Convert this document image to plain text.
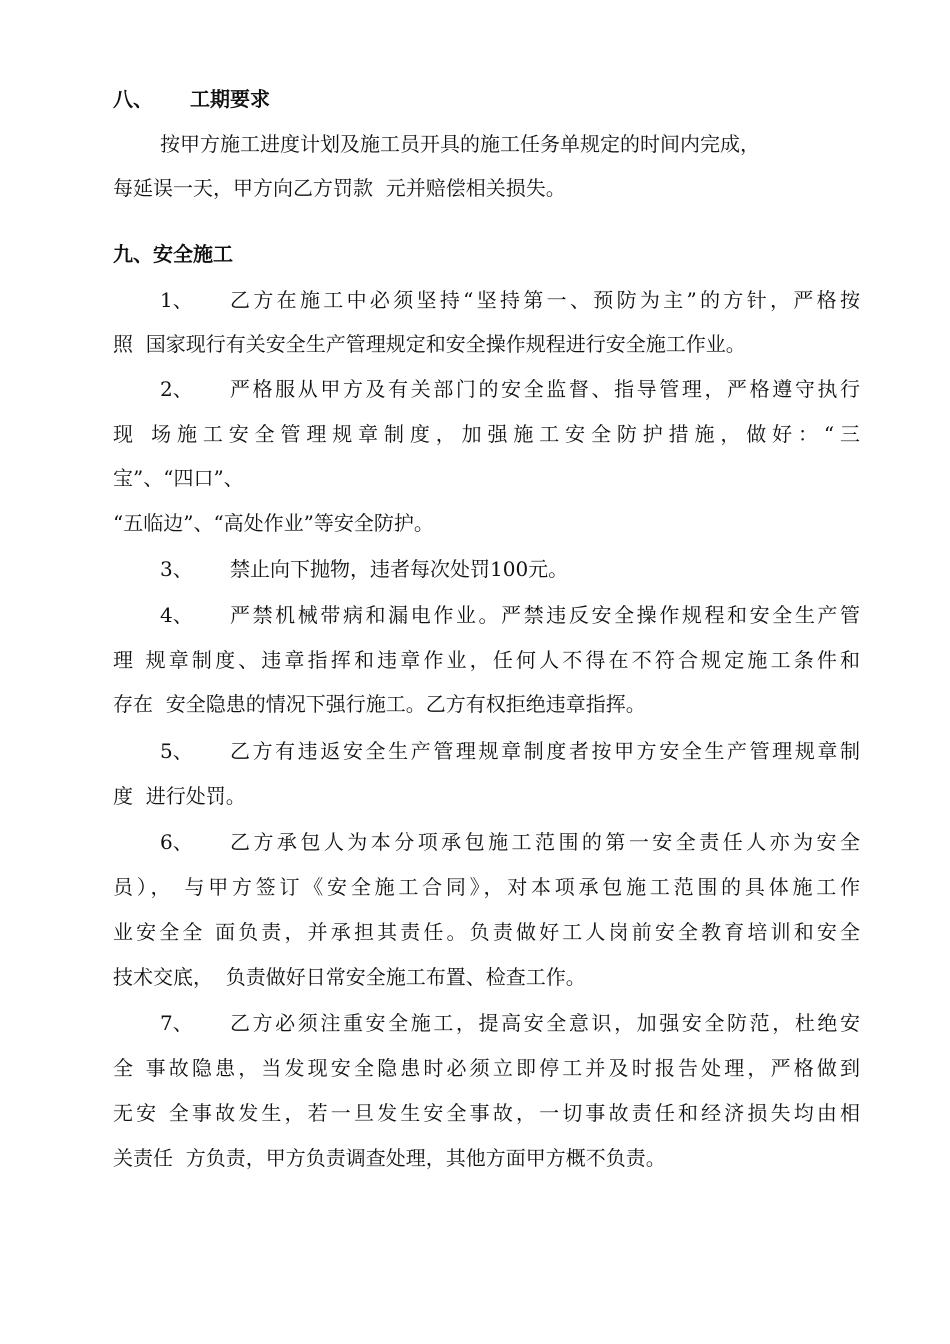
八、 工期要求
按甲方施工进度计划及施工员开具的施工任务单规定的时间内完成，
每延误一天，甲方向乙方罚款  元并赔偿相关损失。
九、安全施工
1、 乙方在施工中必须坚持“坚持第一、预防为主”的方针，严格按
照  国家现行有关安全生产管理规定和安全操作规程进行安全施工作业。
2、 严格服从甲方及有关部门的安全监督、指导管理，严格遵守执行
现 场施工安全管理规章制度，加强施工安全防护措施，做好：“三
宝”、“四口”、
“五临边”、“高处作业”等安全防护。
3、 禁止向下抛物，违者每次处罚100元。
4、 严禁机械带病和漏电作业。严禁违反安全操作规程和安全生产管
理 规章制度、违章指挥和违章作业，任何人不得在不符合规定施工条件和
存在  安全隐患的情况下强行施工。乙方有权拒绝违章指挥。
5、 乙方有违返安全生产管理规章制度者按甲方安全生产管理规章制
度  进行处罚。
6、 乙方承包人为本分项承包施工范围的第一安全责任人亦为安全
员）， 与甲方签订《安全施工合同》，对本项承包施工范围的具体施工作
业安全全 面负责，并承担其责任。负责做好工人岗前安全教育培训和安全
技术交底，  负责做好日常安全施工布置、检查工作。
7、 乙方必须注重安全施工，提高安全意识，加强安全防范，杜绝安
全 事故隐患，当发现安全隐患时必须立即停工并及时报告处理，严格做到
无安 全事故发生，若一旦发生安全事故，一切事故责任和经济损失均由相
关责任  方负责，甲方负责调查处理，其他方面甲方概不负责。
